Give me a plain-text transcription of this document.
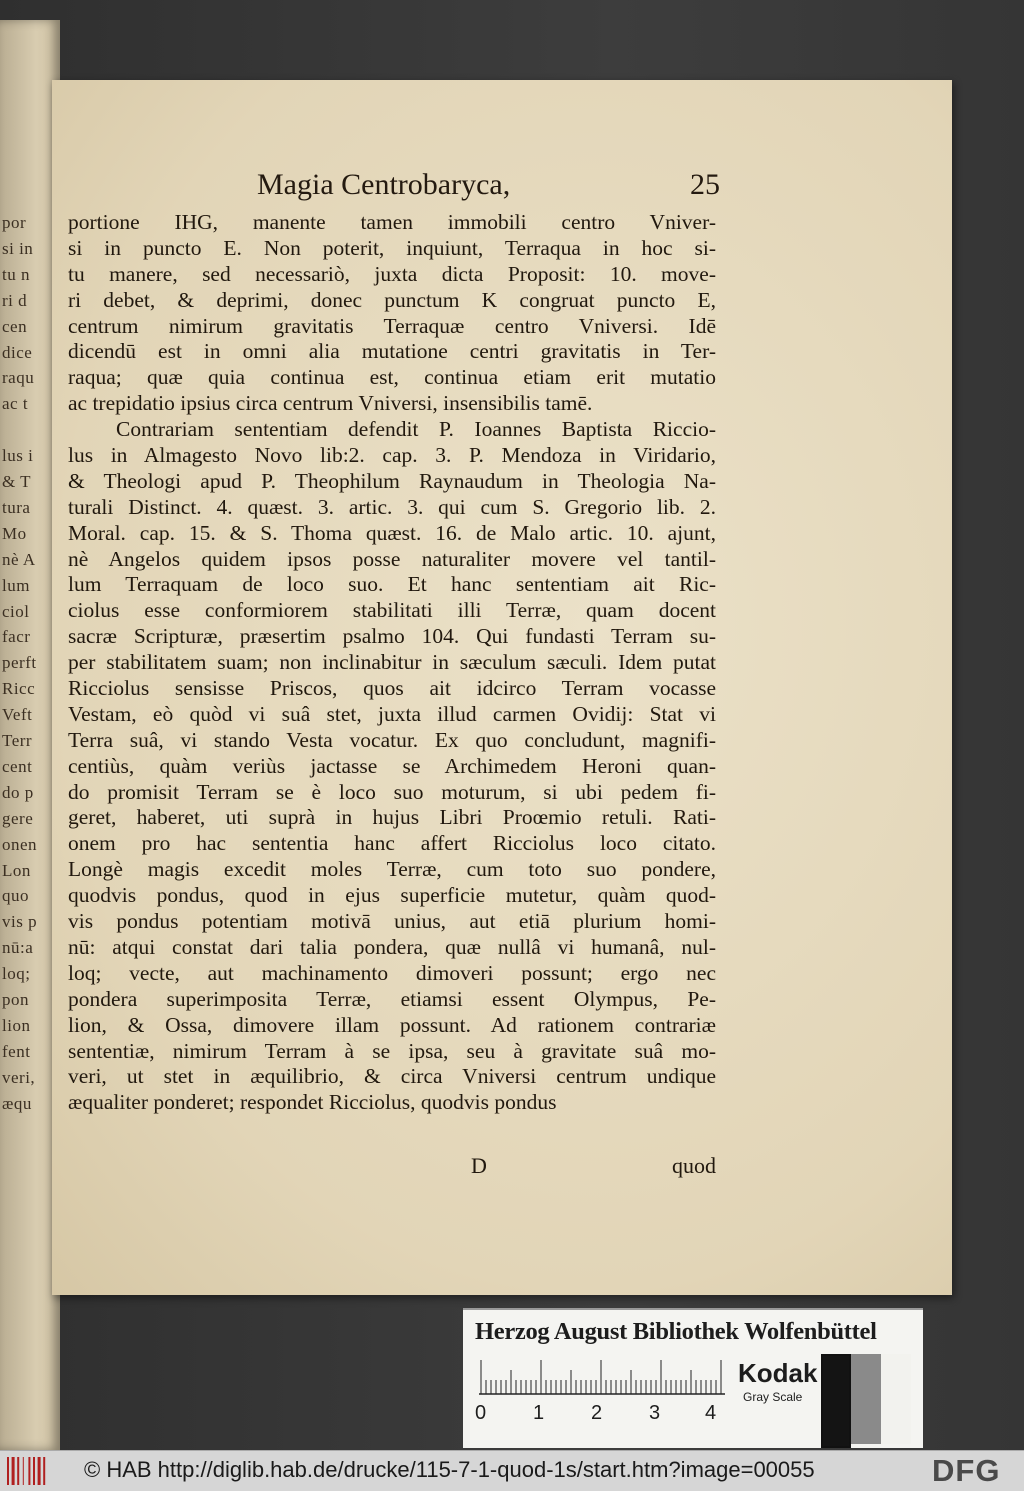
por
si in
tu n
ri d
cen
dice
raqu
ac t
lus i
& T
tura
Mo
nè A
lum
ciol
facr
perft
Ricc
Veft
Terr
cent
do p
gere
onen
Lon
quo
vis p
nū:a
loq;
pon
lion
fent
veri,
æqu
Magia Centrobaryca,	25
portione IHG, manente tamen immobili centro Vniver-
si in puncto E. Non poterit, inquiunt, Terraqua in hoc si-
tu manere, sed necessariò, juxta dicta Proposit: 10. move-
ri debet, & deprimi, donec punctum K congruat puncto E,
centrum nimirum gravitatis Terraquæ centro Vniversi. Idē
dicendū est in omni alia mutatione centri gravitatis in Ter-
raqua; quæ quia continua est, continua etiam erit mutatio
ac trepidatio ipsius circa centrum Vniversi, insensibilis tamē.
Contrariam sententiam defendit P. Ioannes Baptista Riccio-
lus in Almagesto Novo lib:2. cap. 3. P. Mendoza in Viridario,
& Theologi apud P. Theophilum Raynaudum in Theologia Na-
turali Distinct. 4. quæst. 3. artic. 3. qui cum S. Gregorio lib. 2.
Moral. cap. 15. & S. Thoma quæst. 16. de Malo artic. 10. ajunt,
nè Angelos quidem ipsos posse naturaliter movere vel tantil-
lum Terraquam de loco suo. Et hanc sententiam ait Ric-
ciolus esse conformiorem stabilitati illi Terræ, quam docent
sacræ Scripturæ, præsertim psalmo 104. Qui fundasti Terram su-
per stabilitatem suam; non inclinabitur in sæculum sæculi. Idem putat
Ricciolus sensisse Priscos, quos ait idcirco Terram vocasse
Vestam, eò quòd vi suâ stet, juxta illud carmen Ovidij: Stat vi
Terra suâ, vi stando Vesta vocatur. Ex quo concludunt, magnifi-
centiùs, quàm veriùs jactasse se Archimedem Heroni quan-
do promisit Terram se è loco suo moturum, si ubi pedem fi-
geret, haberet, uti suprà in hujus Libri Proœmio retuli. Rati-
onem pro hac sententia hanc affert Ricciolus loco citato.
Longè magis excedit moles Terræ, cum toto suo pondere,
quodvis pondus, quod in ejus superficie mutetur, quàm quod-
vis pondus potentiam motivā unius, aut etiā plurium homi-
nū: atqui constat dari talia pondera, quæ nullâ vi humanâ, nul-
loq; vecte, aut machinamento dimoveri possunt; ergo nec
pondera superimposita Terræ, etiamsi essent Olympus, Pe-
lion, & Ossa, dimovere illam possunt. Ad rationem contrariæ
sententiæ, nimirum Terram à se ipsa, seu à gravitate suâ mo-
veri, ut stet in æquilibrio, & circa Vniversi centrum undique
æqualiter ponderet; respondet Ricciolus, quodvis pondus
D	quod
Herzog August Bibliothek Wolfenbüttel
0 1 2 3 4
Kodak
Gray Scale
© HAB http://diglib.hab.de/drucke/115-7-1-quod-1s/start.htm?image=00055	DFG
